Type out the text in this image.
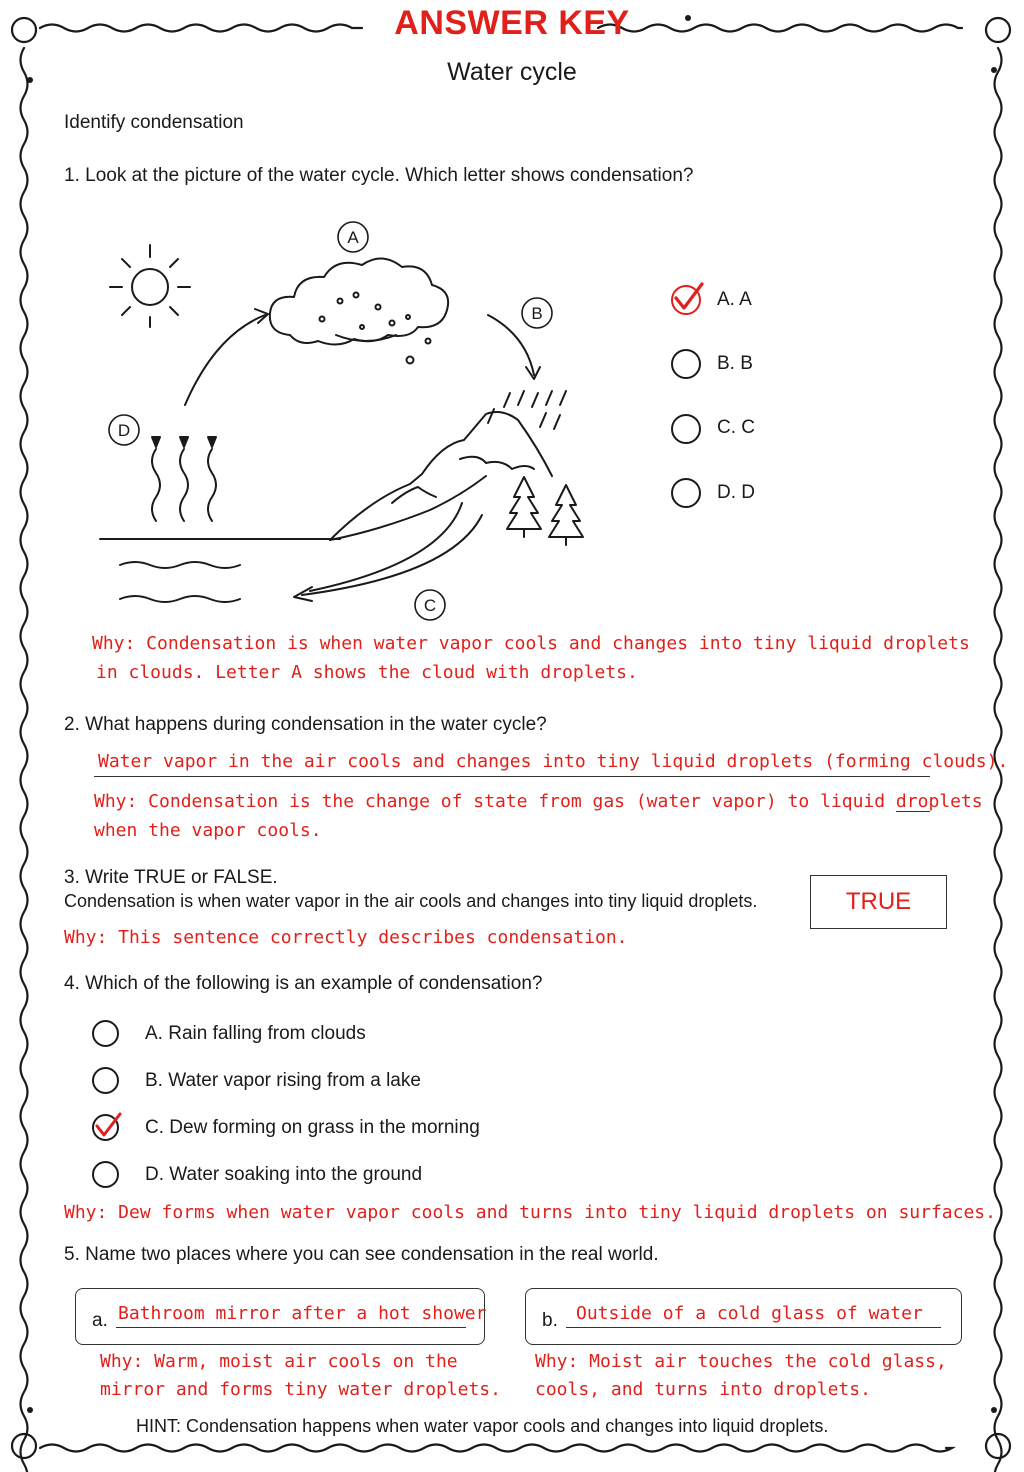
ANSWER KEY
Water cycle
Identify condensation
1. Look at the picture of the water cycle. Which letter shows condensation?
A
B
C
D
A. A
B. B
C. C
D. D
Why: Condensation is when water vapor cools and changes into tiny liquid droplets
in clouds. Letter A shows the cloud with droplets.
2. What happens during condensation in the water cycle?
Water vapor in the air cools and changes into tiny liquid droplets (forming clouds).
Why: Condensation is the change of state from gas (water vapor) to liquid droplets
when the vapor cools.
3. Write TRUE or FALSE.
Condensation is when water vapor in the air cools and changes into tiny liquid droplets.	TRUE
Why: This sentence correctly describes condensation.
4. Which of the following is an example of condensation?
A. Rain falling from clouds
B. Water vapor rising from a lake
C. Dew forming on grass in the morning
D. Water soaking into the ground
Why: Dew forms when water vapor cools and turns into tiny liquid droplets on surfaces.
5. Name two places where you can see condensation in the real world.
a. Bathroom mirror after a hot shower	b. Outside of a cold glass of water
Why: Warm, moist air cools on the
mirror and forms tiny water droplets.
Why: Moist air touches the cold glass,
cools, and turns into droplets.
HINT: Condensation happens when water vapor cools and changes into liquid droplets.
